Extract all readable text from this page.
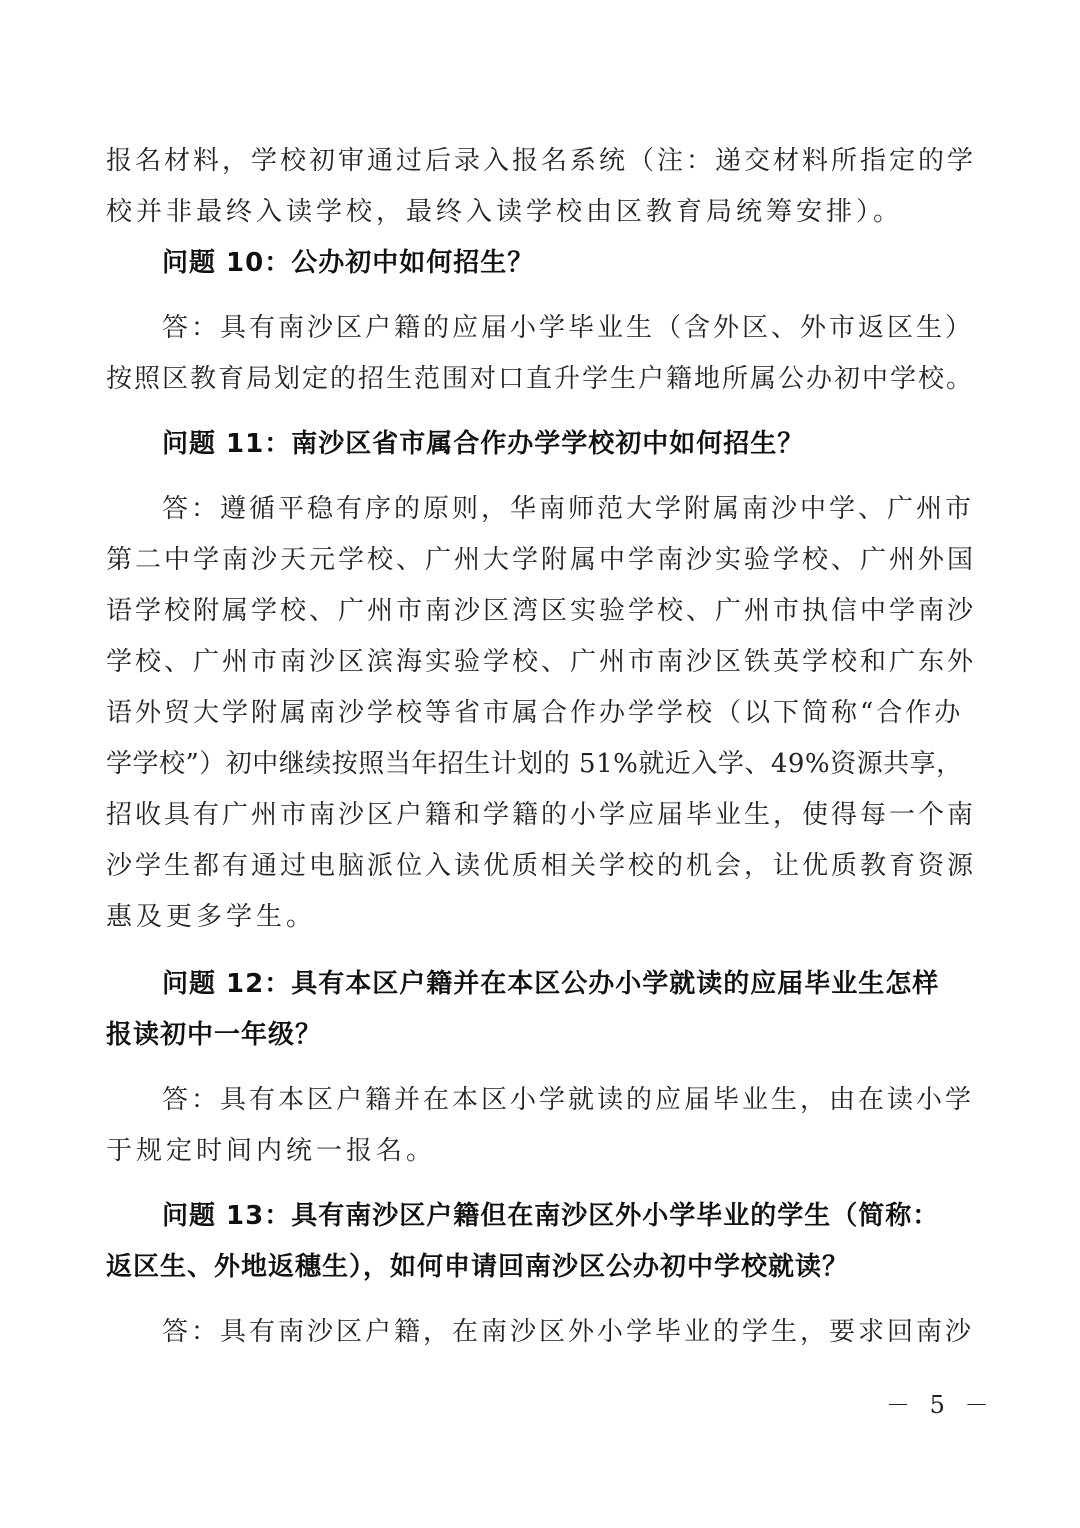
报名材料，学校初审通过后录入报名系统（注：递交材料所指定的学
校并非最终入读学校，最终入读学校由区教育局统筹安排）。
问题 10：公办初中如何招生？
答：具有南沙区户籍的应届小学毕业生（含外区、外市返区生）
按照区教育局划定的招生范围对口直升学生户籍地所属公办初中学校。
问题 11：南沙区省市属合作办学学校初中如何招生？
答：遵循平稳有序的原则，华南师范大学附属南沙中学、广州市
第二中学南沙天元学校、广州大学附属中学南沙实验学校、广州外国
语学校附属学校、广州市南沙区湾区实验学校、广州市执信中学南沙
学校、广州市南沙区滨海实验学校、广州市南沙区铁英学校和广东外
语外贸大学附属南沙学校等省市属合作办学学校（以下简称“合作办
学学校”）初中继续按照当年招生计划的 51%就近入学、49%资源共享，
招收具有广州市南沙区户籍和学籍的小学应届毕业生，使得每一个南
沙学生都有通过电脑派位入读优质相关学校的机会，让优质教育资源
惠及更多学生。
问题 12：具有本区户籍并在本区公办小学就读的应届毕业生怎样
报读初中一年级？
答：具有本区户籍并在本区小学就读的应届毕业生，由在读小学
于规定时间内统一报名。
问题 13：具有南沙区户籍但在南沙区外小学毕业的学生（简称：
返区生、外地返穗生），如何申请回南沙区公办初中学校就读？
答：具有南沙区户籍，在南沙区外小学毕业的学生，要求回南沙
－ 5 －
